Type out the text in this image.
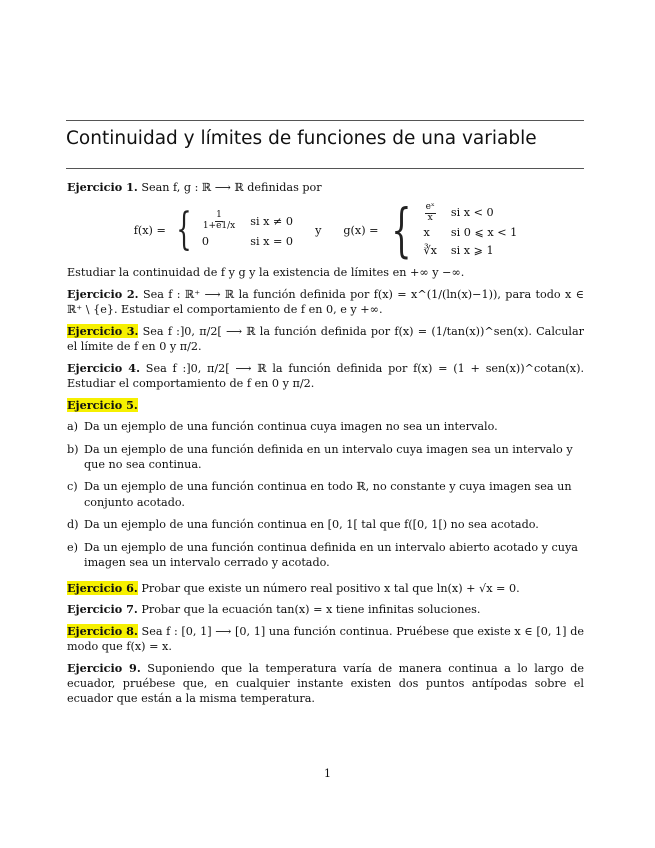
Continuidad y límites de funciones de una variable

Ejercicio 1. Sean f, g : ℝ ⟶ ℝ definidas por

f(x) = { $\frac{1}{1+e1/x}$ si x ≠ 0
0	si x = 0
y g(x) = { $\frac{\text{eˣ}}{x}$ si x < 0
x	si 0 ⩽ x < 1
∛x si x ⩾ 1

Estudiar la continuidad de f y g y la existencia de límites en +∞ y −∞.

Ejercicio 2. Sea f : ℝ⁺ ⟶ ℝ la función definida por f(x) = x^(1/(ln(x)−1)), para todo x ∈ ℝ⁺ \ {e}. Estudiar el comportamiento de f en 0, e y +∞.

Ejercicio 3. Sea f :]0, π/2[ ⟶ ℝ la función definida por f(x) = (1/tan(x))^sen(x). Calcular el límite de f en 0 y π/2.

Ejercicio 4. Sea f :]0, π/2[ ⟶ ℝ la función definida por f(x) = (1 + sen(x))^cotan(x). Estudiar el comportamiento de f en 0 y π/2.

Ejercicio 5.

a) Da un ejemplo de una función continua cuya imagen no sea un intervalo.
b) Da un ejemplo de una función definida en un intervalo cuya imagen sea un intervalo y que no sea continua.
c) Da un ejemplo de una función continua en todo ℝ, no constante y cuya imagen sea un conjunto acotado.
d) Da un ejemplo de una función continua en [0, 1[ tal que f([0, 1[) no sea acotado.
e) Da un ejemplo de una función continua definida en un intervalo abierto acotado y cuya imagen sea un intervalo cerrado y acotado.

Ejercicio 6. Probar que existe un número real positivo x tal que ln(x) + √x = 0.

Ejercicio 7. Probar que la ecuación tan(x) = x tiene infinitas soluciones.

Ejercicio 8. Sea f : [0, 1] ⟶ [0, 1] una función continua. Pruébese que existe x ∈ [0, 1] de modo que f(x) = x.

Ejercicio 9. Suponiendo que la temperatura varía de manera continua a lo largo de ecuador, pruébese que, en cualquier instante existen dos puntos antípodas sobre el ecuador que están a la misma temperatura.

1
